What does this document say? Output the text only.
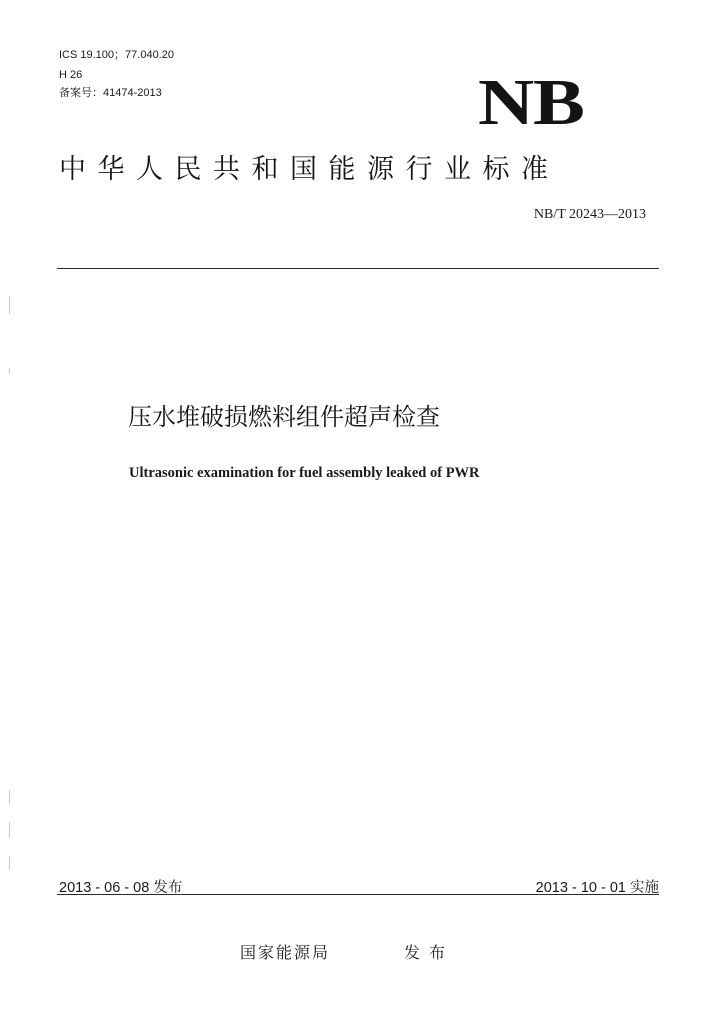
ICS 19.100；77.040.20
H 26
备案号：41474-2013	NB
中华人民共和国能源行业标准
NB/T 20243—2013
压水堆破损燃料组件超声检查
Ultrasonic examination for fuel assembly leaked of PWR
2013 - 06 - 08 发布	2013 - 10 - 01 实施
国家能源局	发布
